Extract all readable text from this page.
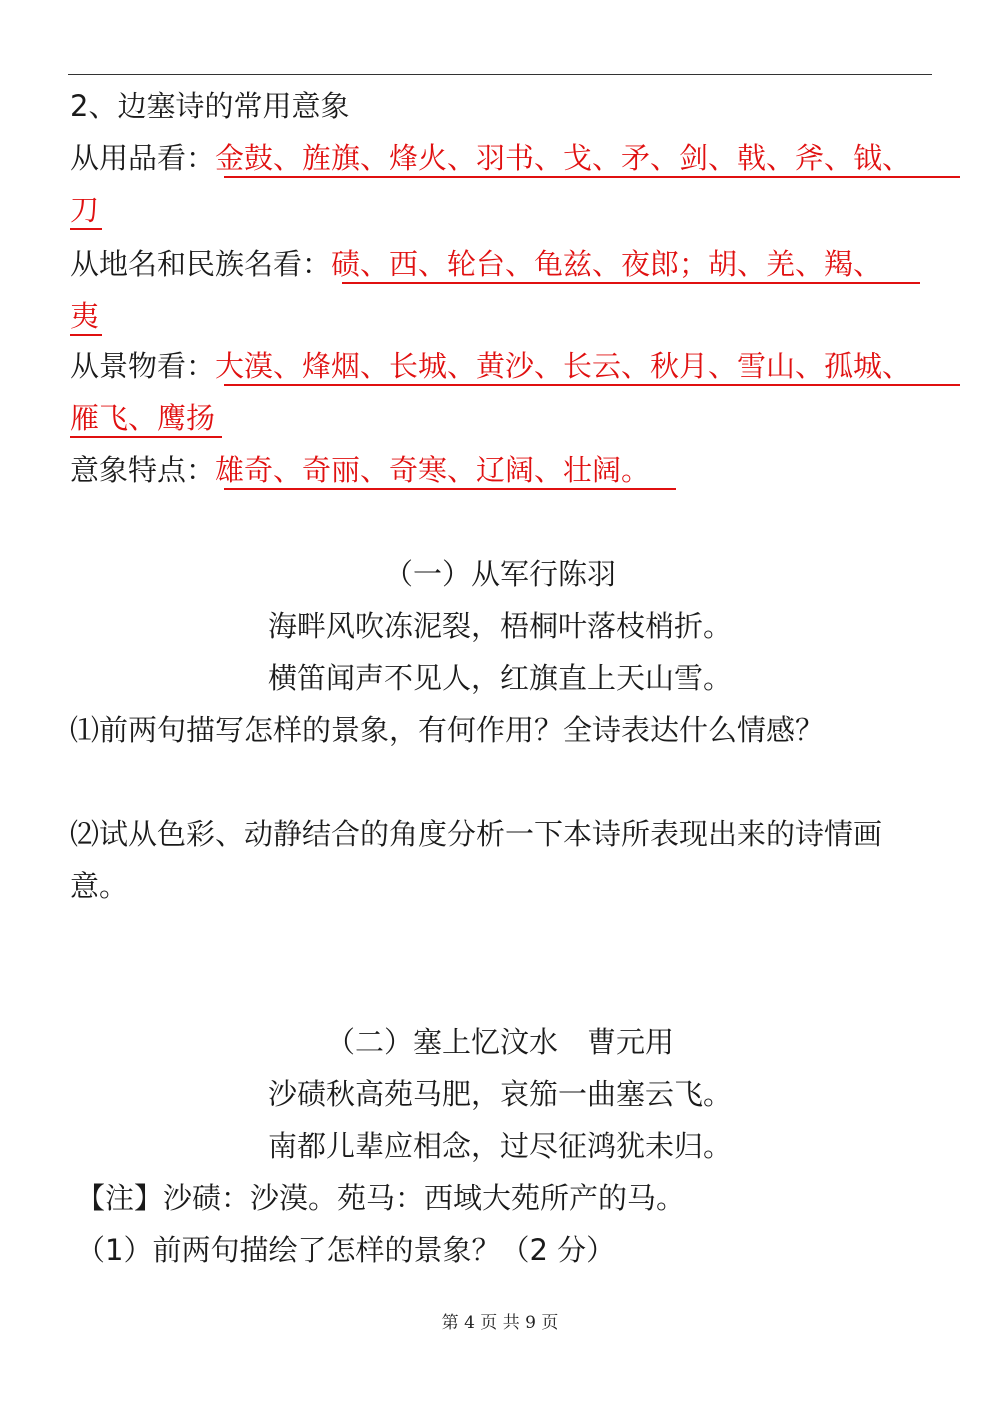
2、边塞诗的常用意象
从用品看：金鼓、旌旗、烽火、羽书、戈、矛、剑、戟、斧、钺、
刀
从地名和民族名看：碛、西、轮台、龟兹、夜郎；胡、羌、羯、
夷
从景物看：大漠、烽烟、长城、黄沙、长云、秋月、雪山、孤城、
雁飞、鹰扬
意象特点：雄奇、奇丽、奇寒、辽阔、壮阔。
（一）从军行陈羽
海畔风吹冻泥裂，梧桐叶落枝梢折。
横笛闻声不见人，红旗直上天山雪。
⑴前两句描写怎样的景象，有何作用？全诗表达什么情感？
⑵试从色彩、动静结合的角度分析一下本诗所表现出来的诗情画
意。
（二）塞上忆汶水　曹元用
沙碛秋高苑马肥，哀笳一曲塞云飞。
南都儿辈应相念，过尽征鸿犹未归。
【注】沙碛：沙漠。苑马：西域大苑所产的马。
（1）前两句描绘了怎样的景象？（2 分）
第 4 页 共 9 页
